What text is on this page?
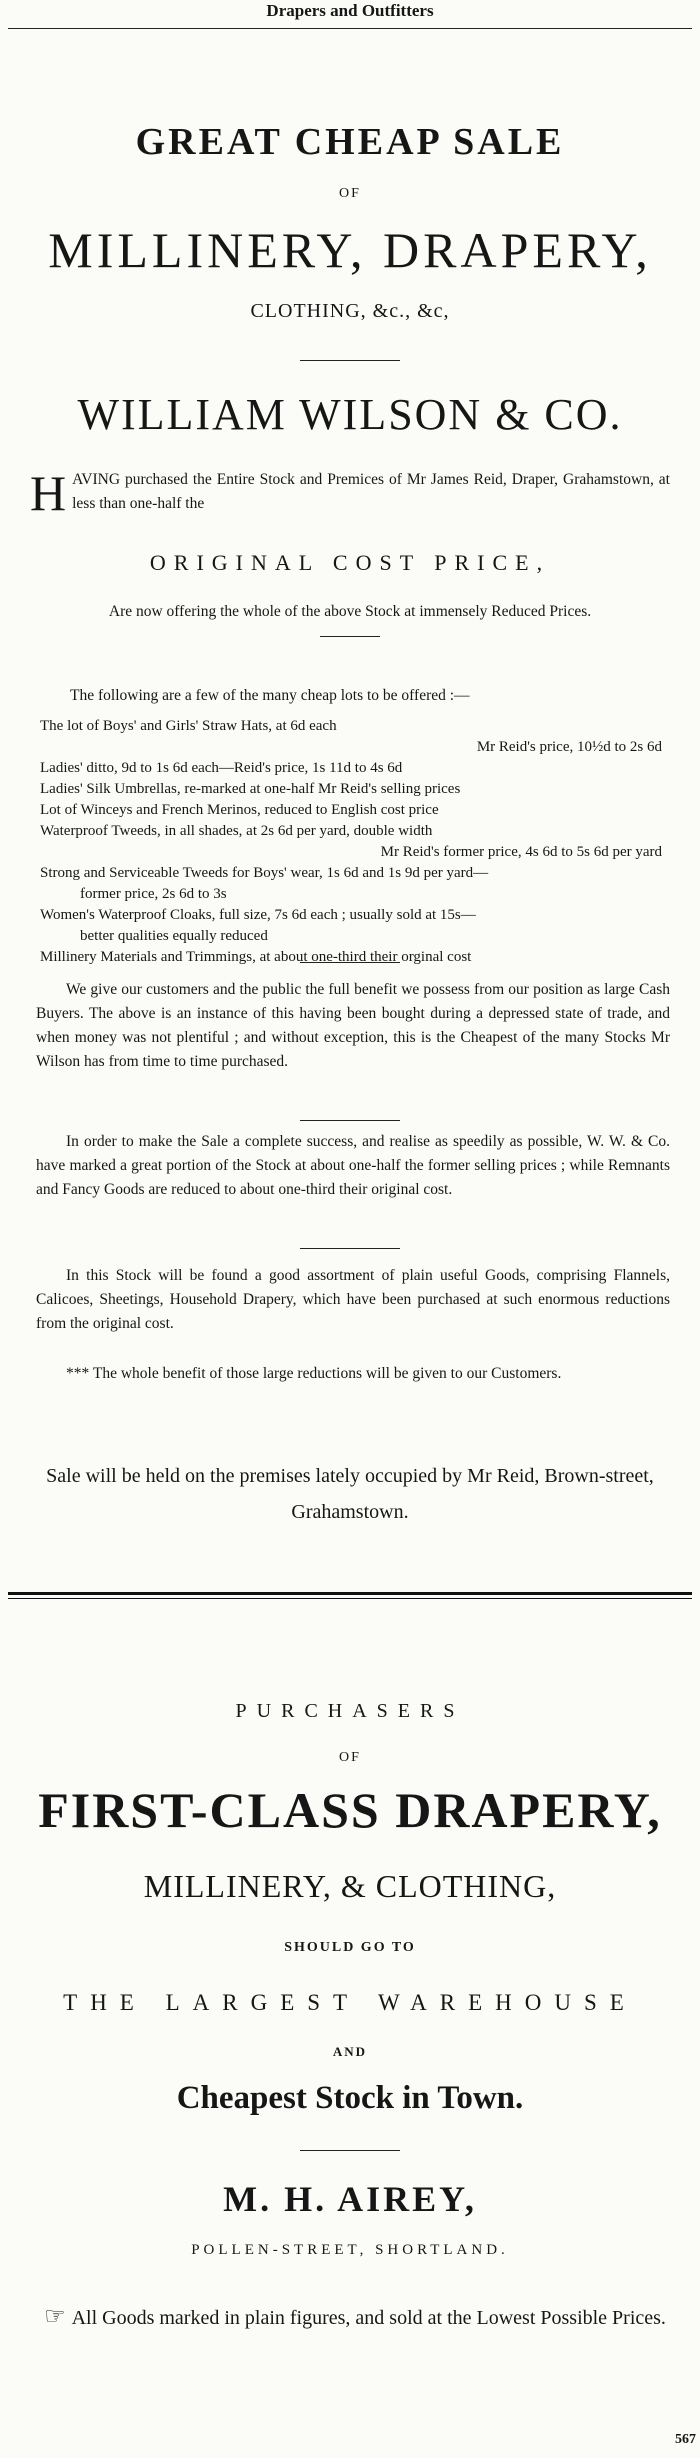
Drapers and Outfitters
GREAT CHEAP SALE
OF
MILLINERY, DRAPERY,
CLOTHING, &c., &c,
WILLIAM WILSON & CO.
H AVING purchased the Entire Stock and Premices of Mr James Reid, Draper, Grahamstown, at less than one-half the
ORIGINAL COST PRICE,
Are now offering the whole of the above Stock at immensely Reduced Prices.
The following are a few of the many cheap lots to be offered :—
The lot of Boys' and Girls' Straw Hats, at 6d each
Mr Reid's price, 10½d to 2s 6d
Ladies' ditto, 9d to 1s 6d each—Reid's price, 1s 11d to 4s 6d
Ladies' Silk Umbrellas, re-marked at one-half Mr Reid's selling prices
Lot of Winceys and French Merinos, reduced to English cost price
Waterproof Tweeds, in all shades, at 2s 6d per yard, double width
Mr Reid's former price, 4s 6d to 5s 6d per yard
Strong and Serviceable Tweeds for Boys' wear, 1s 6d and 1s 9d per yard—
former price, 2s 6d to 3s
Women's Waterproof Cloaks, full size, 7s 6d each ; usually sold at 15s—
better qualities equally reduced
Millinery Materials and Trimmings, at about one-third their orginal cost
We give our customers and the public the full benefit we possess from our position as large Cash Buyers. The above is an instance of this having been bought during a depressed state of trade, and when money was not plentiful ; and without exception, this is the Cheapest of the many Stocks Mr Wilson has from time to time purchased.
In order to make the Sale a complete success, and realise as speedily as possible, W. W. & Co. have marked a great portion of the Stock at about one-half the former selling prices ; while Remnants and Fancy Goods are reduced to about one-third their original cost.
In this Stock will be found a good assortment of plain useful Goods, comprising Flannels, Calicoes, Sheetings, Household Drapery, which have been purchased at such enormous reductions from the original cost.
*** The whole benefit of those large reductions will be given to our Customers.
Sale will be held on the premises lately occupied by Mr Reid, Brown-street, Grahamstown.
PURCHASERS
OF
FIRST-CLASS DRAPERY,
MILLINERY, & CLOTHING,
SHOULD GO TO
THE LARGEST WAREHOUSE
AND
Cheapest Stock in Town.
M. H. AIREY,
POLLEN-STREET, SHORTLAND.
☞ All Goods marked in plain figures, and sold at the Lowest Possible Prices.
567
